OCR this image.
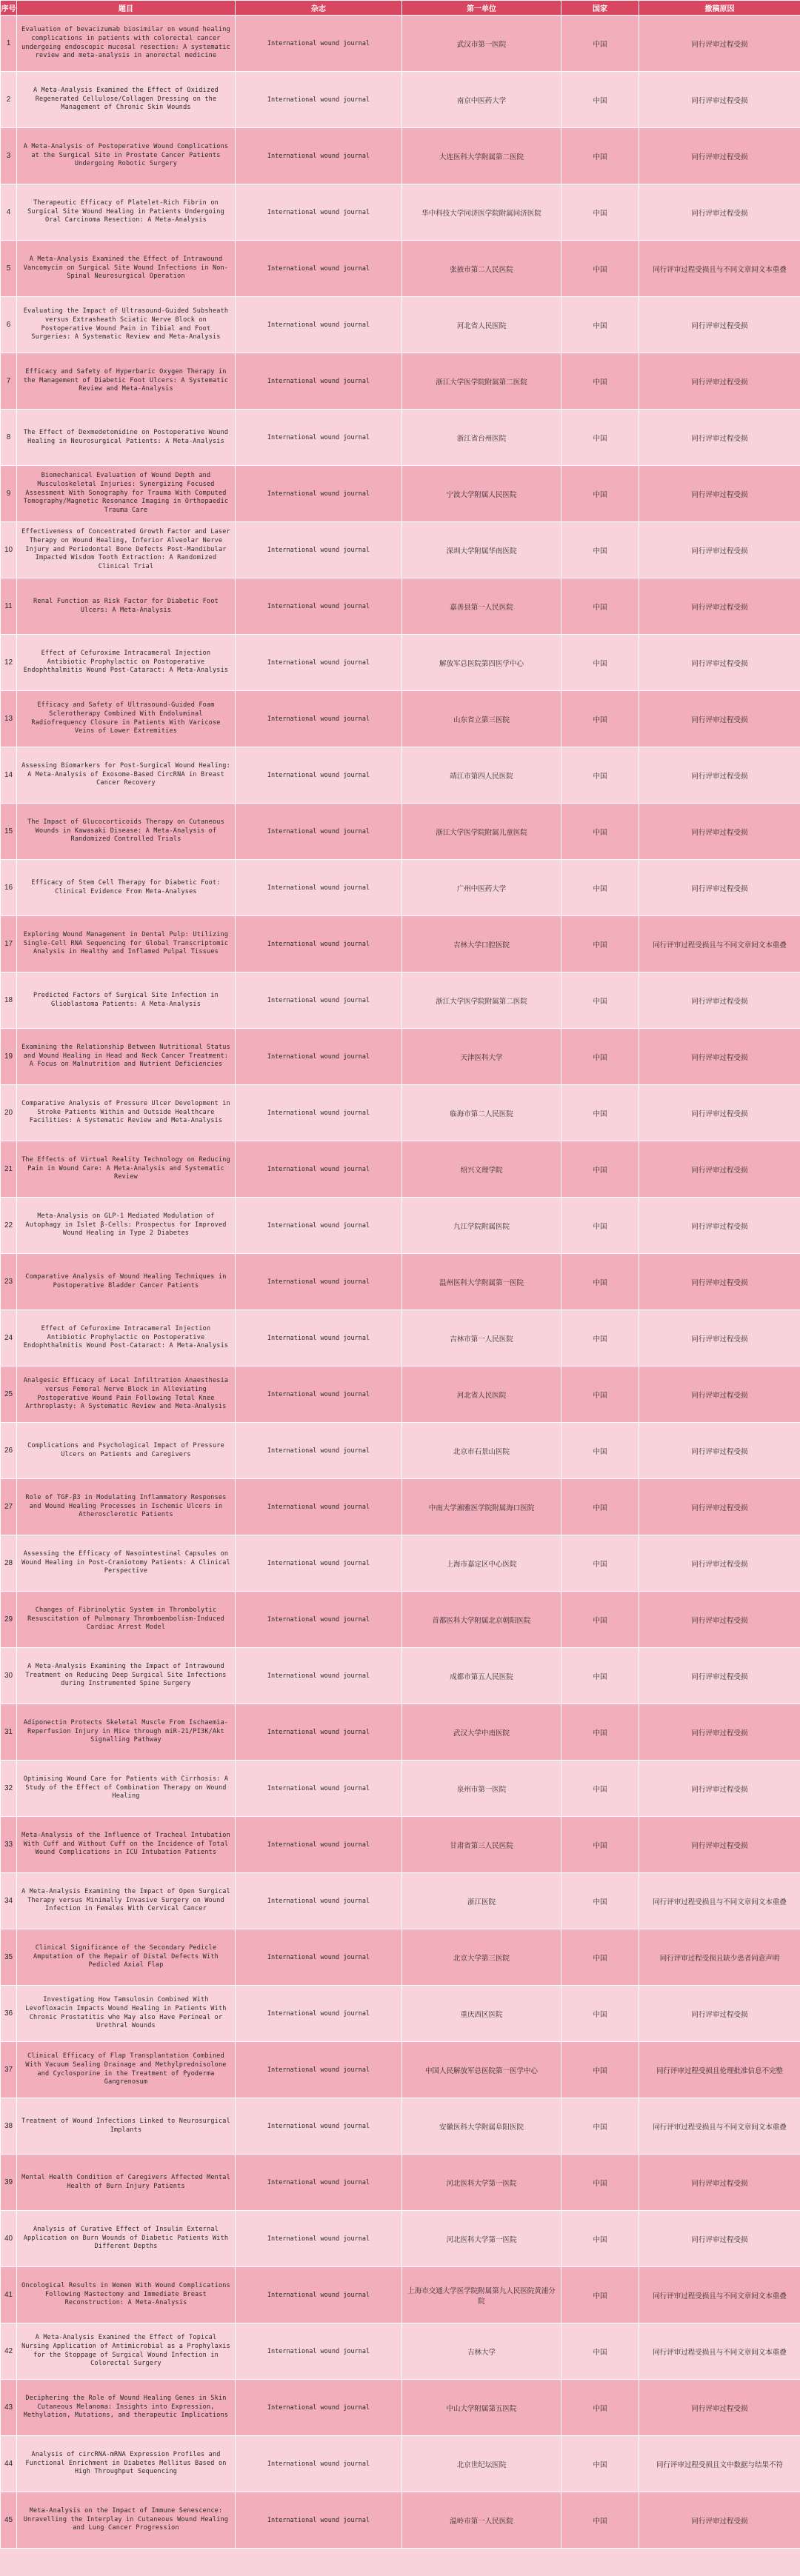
序号	题目	杂志	第一单位	国家	撤稿原因
1	Evaluation of bevacizumab biosimilar on wound healing complications in patients with colorectal cancer undergoing endoscopic mucosal resection: A systematic review and meta-analysis in anorectal medicine	International wound journal	武汉市第一医院	中国	同行评审过程受损
2	A Meta-Analysis Examined the Effect of Oxidized Regenerated Cellulose/Collagen Dressing on the Management of Chronic Skin Wounds	International wound journal	南京中医药大学	中国	同行评审过程受损
3	A Meta-Analysis of Postoperative Wound Complications at the Surgical Site in Prostate Cancer Patients Undergoing Robotic Surgery	International wound journal	大连医科大学附属第二医院	中国	同行评审过程受损
4	Therapeutic Efficacy of Platelet-Rich Fibrin on Surgical Site Wound Healing in Patients Undergoing Oral Carcinoma Resection: A Meta-Analysis	International wound journal	华中科技大学同济医学院附属同济医院	中国	同行评审过程受损
5	A Meta-Analysis Examined the Effect of Intrawound Vancomycin on Surgical Site Wound Infections in Non-Spinal Neurosurgical Operation	International wound journal	张掖市第二人民医院	中国	同行评审过程受损且与不同文章间文本重叠
6	Evaluating the Impact of Ultrasound-Guided Subsheath versus Extrasheath Sciatic Nerve Block on Postoperative Wound Pain in Tibial and Foot Surgeries: A Systematic Review and Meta-Analysis	International wound journal	河北省人民医院	中国	同行评审过程受损
7	Efficacy and Safety of Hyperbaric Oxygen Therapy in the Management of Diabetic Foot Ulcers: A Systematic Review and Meta-Analysis	International wound journal	浙江大学医学院附属第二医院	中国	同行评审过程受损
8	The Effect of Dexmedetomidine on Postoperative Wound Healing in Neurosurgical Patients: A Meta-Analysis	International wound journal	浙江省台州医院	中国	同行评审过程受损
9	Biomechanical Evaluation of Wound Depth and Musculoskeletal Injuries: Synergizing Focused Assessment With Sonography for Trauma With Computed Tomography/Magnetic Resonance Imaging in Orthopaedic Trauma Care	International wound journal	宁波大学附属人民医院	中国	同行评审过程受损
10	Effectiveness of Concentrated Growth Factor and Laser Therapy on Wound Healing, Inferior Alveolar Nerve Injury and Periodontal Bone Defects Post-Mandibular Impacted Wisdom Tooth Extraction: A Randomized Clinical Trial	International wound journal	深圳大学附属华南医院	中国	同行评审过程受损
11	Renal Function as Risk Factor for Diabetic Foot Ulcers: A Meta-Analysis	International wound journal	嘉善县第一人民医院	中国	同行评审过程受损
12	Effect of Cefuroxime Intracameral Injection Antibiotic Prophylactic on Postoperative Endophthalmitis Wound Post-Cataract: A Meta-Analysis	International wound journal	解放军总医院第四医学中心	中国	同行评审过程受损
13	Efficacy and Safety of Ultrasound-Guided Foam Sclerotherapy Combined With Endoluminal Radiofrequency Closure in Patients With Varicose Veins of Lower Extremities	International wound journal	山东省立第三医院	中国	同行评审过程受损
14	Assessing Biomarkers for Post-Surgical Wound Healing: A Meta-Analysis of Exosome-Based CircRNA in Breast Cancer Recovery	International wound journal	靖江市第四人民医院	中国	同行评审过程受损
15	The Impact of Glucocorticoids Therapy on Cutaneous Wounds in Kawasaki Disease: A Meta-Analysis of Randomized Controlled Trials	International wound journal	浙江大学医学院附属儿童医院	中国	同行评审过程受损
16	Efficacy of Stem Cell Therapy for Diabetic Foot: Clinical Evidence From Meta-Analyses	International wound journal	广州中医药大学	中国	同行评审过程受损
17	Exploring Wound Management in Dental Pulp: Utilizing Single-Cell RNA Sequencing for Global Transcriptomic Analysis in Healthy and Inflamed Pulpal Tissues	International wound journal	吉林大学口腔医院	中国	同行评审过程受损且与不同文章间文本重叠
18	Predicted Factors of Surgical Site Infection in Glioblastoma Patients: A Meta-Analysis	International wound journal	浙江大学医学院附属第二医院	中国	同行评审过程受损
19	Examining the Relationship Between Nutritional Status and Wound Healing in Head and Neck Cancer Treatment: A Focus on Malnutrition and Nutrient Deficiencies	International wound journal	天津医科大学	中国	同行评审过程受损
20	Comparative Analysis of Pressure Ulcer Development in Stroke Patients Within and Outside Healthcare Facilities: A Systematic Review and Meta-Analysis	International wound journal	临海市第二人民医院	中国	同行评审过程受损
21	The Effects of Virtual Reality Technology on Reducing Pain in Wound Care: A Meta-Analysis and Systematic Review	International wound journal	绍兴文理学院	中国	同行评审过程受损
22	Meta-Analysis on GLP-1 Mediated Modulation of Autophagy in Islet β-Cells: Prospectus for Improved Wound Healing in Type 2 Diabetes	International wound journal	九江学院附属医院	中国	同行评审过程受损
23	Comparative Analysis of Wound Healing Techniques in Postoperative Bladder Cancer Patients	International wound journal	温州医科大学附属第一医院	中国	同行评审过程受损
24	Effect of Cefuroxime Intracameral Injection Antibiotic Prophylactic on Postoperative Endophthalmitis Wound Post-Cataract: A Meta-Analysis	International wound journal	吉林市第一人民医院	中国	同行评审过程受损
25	Analgesic Efficacy of Local Infiltration Anaesthesia versus Femoral Nerve Block in Alleviating Postoperative Wound Pain Following Total Knee Arthroplasty: A Systematic Review and Meta-Analysis	International wound journal	河北省人民医院	中国	同行评审过程受损
26	Complications and Psychological Impact of Pressure Ulcers on Patients and Caregivers	International wound journal	北京市石景山医院	中国	同行评审过程受损
27	Role of TGF-β3 in Modulating Inflammatory Responses and Wound Healing Processes in Ischemic Ulcers in Atherosclerotic Patients	International wound journal	中南大学湘雅医学院附属海口医院	中国	同行评审过程受损
28	Assessing the Efficacy of Nasointestinal Capsules on Wound Healing in Post-Craniotomy Patients: A Clinical Perspective	International wound journal	上海市嘉定区中心医院	中国	同行评审过程受损
29	Changes of Fibrinolytic System in Thrombolytic Resuscitation of Pulmonary Thromboembolism-Induced Cardiac Arrest Model	International wound journal	首都医科大学附属北京朝阳医院	中国	同行评审过程受损
30	A Meta-Analysis Examining the Impact of Intrawound Treatment on Reducing Deep Surgical Site Infections during Instrumented Spine Surgery	International wound journal	成都市第五人民医院	中国	同行评审过程受损
31	Adiponectin Protects Skeletal Muscle From Ischaemia-Reperfusion Injury in Mice through miR-21/PI3K/Akt Signalling Pathway	International wound journal	武汉大学中南医院	中国	同行评审过程受损
32	Optimising Wound Care for Patients with Cirrhosis: A Study of the Effect of Combination Therapy on Wound Healing	International wound journal	泉州市第一医院	中国	同行评审过程受损
33	Meta-Analysis of the Influence of Tracheal Intubation With Cuff and Without Cuff on the Incidence of Total Wound Complications in ICU Intubation Patients	International wound journal	甘肃省第三人民医院	中国	同行评审过程受损
34	A Meta-Analysis Examining the Impact of Open Surgical Therapy versus Minimally Invasive Surgery on Wound Infection in Females With Cervical Cancer	International wound journal	浙江医院	中国	同行评审过程受损且与不同文章间文本重叠
35	Clinical Significance of the Secondary Pedicle Amputation of the Repair of Distal Defects With Pedicled Axial Flap	International wound journal	北京大学第三医院	中国	同行评审过程受损且缺少患者同意声明
36	Investigating How Tamsulosin Combined With Levofloxacin Impacts Wound Healing in Patients With Chronic Prostatitis who May also Have Perineal or Urethral Wounds	International wound journal	重庆西区医院	中国	同行评审过程受损
37	Clinical Efficacy of Flap Transplantation Combined With Vacuum Sealing Drainage and Methylprednisolone and Cyclosporine in the Treatment of Pyoderma Gangrenosum	International wound journal	中国人民解放军总医院第一医学中心	中国	同行评审过程受损且伦理批准信息不完整
38	Treatment of Wound Infections Linked to Neurosurgical Implants	International wound journal	安徽医科大学附属阜阳医院	中国	同行评审过程受损且与不同文章间文本重叠
39	Mental Health Condition of Caregivers Affected Mental Health of Burn Injury Patients	International wound journal	河北医科大学第一医院	中国	同行评审过程受损
40	Analysis of Curative Effect of Insulin External Application on Burn Wounds of Diabetic Patients With Different Depths	International wound journal	河北医科大学第一医院	中国	同行评审过程受损
41	Oncological Results in Women With Wound Complications Following Mastectomy and Immediate Breast Reconstruction: A Meta-Analysis	International wound journal	上海市交通大学医学院附属第九人民医院黄浦分院	中国	同行评审过程受损且与不同文章间文本重叠
42	A Meta-Analysis Examined the Effect of Topical Nursing Application of Antimicrobial as a Prophylaxis for the Stoppage of Surgical Wound Infection in Colorectal Surgery	International wound journal	吉林大学	中国	同行评审过程受损且与不同文章间文本重叠
43	Deciphering the Role of Wound Healing Genes in Skin Cutaneous Melanoma: Insights into Expression, Methylation, Mutations, and therapeutic Implications	International wound journal	中山大学附属第五医院	中国	同行评审过程受损
44	Analysis of circRNA-mRNA Expression Profiles and Functional Enrichment in Diabetes Mellitus Based on High Throughput Sequencing	International wound journal	北京世纪坛医院	中国	同行评审过程受损且文中数据与结果不符
45	Meta-Analysis on the Impact of Immune Senescence: Unravelling the Interplay in Cutaneous Wound Healing and Lung Cancer Progression	International wound journal	温岭市第一人民医院	中国	同行评审过程受损
